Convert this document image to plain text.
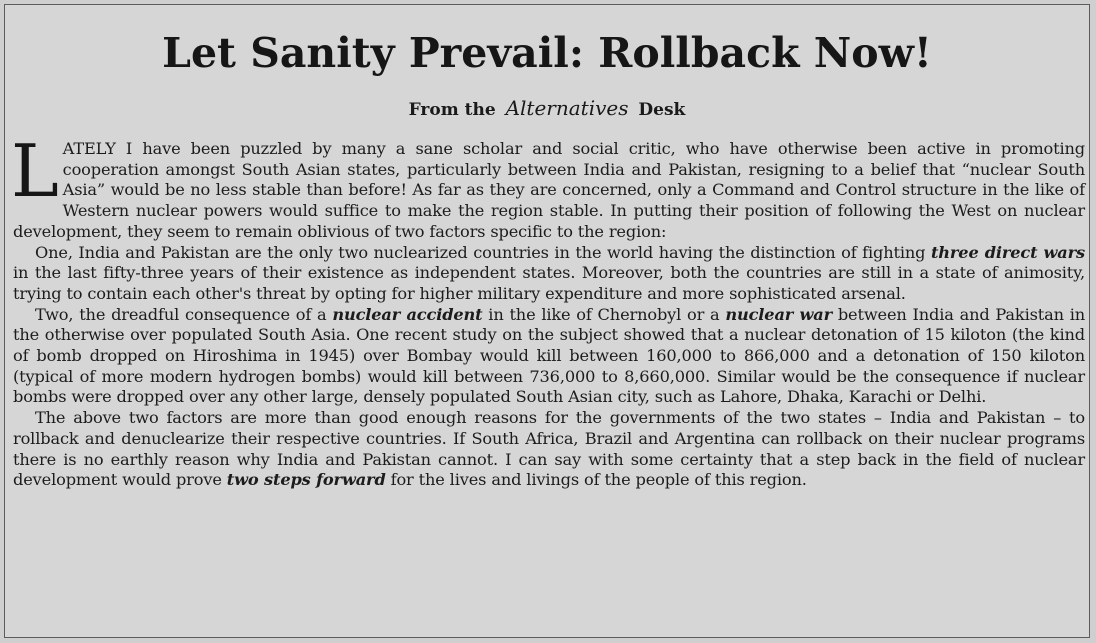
Let Sanity Prevail: Rollback Now!
From the Alternatives Desk

LATELY I have been puzzled by many a sane scholar and social critic, who have otherwise been active in promoting cooperation amongst South Asian states, particularly between India and Pakistan, resigning to a belief that “nuclear South Asia” would be no less stable than before! As far as they are concerned, only a Command and Control structure in the like of Western nuclear powers would suffice to make the region stable. In putting their position of following the West on nuclear development, they seem to remain oblivious of two factors specific to the region:

One, India and Pakistan are the only two nuclearized countries in the world having the distinction of fighting three direct wars in the last fifty-three years of their existence as independent states. Moreover, both the countries are still in a state of animosity, trying to contain each other's threat by opting for higher military expenditure and more sophisticated arsenal.

Two, the dreadful consequence of a nuclear accident in the like of Chernobyl or a nuclear war between India and Pakistan in the otherwise over populated South Asia. One recent study on the subject showed that a nuclear detonation of 15 kiloton (the kind of bomb dropped on Hiroshima in 1945) over Bombay would kill between 160,000 to 866,000 and a detonation of 150 kiloton (typical of more modern hydrogen bombs) would kill between 736,000 to 8,660,000. Similar would be the consequence if nuclear bombs were dropped over any other large, densely populated South Asian city, such as Lahore, Dhaka, Karachi or Delhi.

The above two factors are more than good enough reasons for the governments of the two states – India and Pakistan – to rollback and denuclearize their respective countries. If South Africa, Brazil and Argentina can rollback on their nuclear programs there is no earthly reason why India and Pakistan cannot. I can say with some certainty that a step back in the field of nuclear development would prove two steps forward for the lives and livings of the people of this region.
